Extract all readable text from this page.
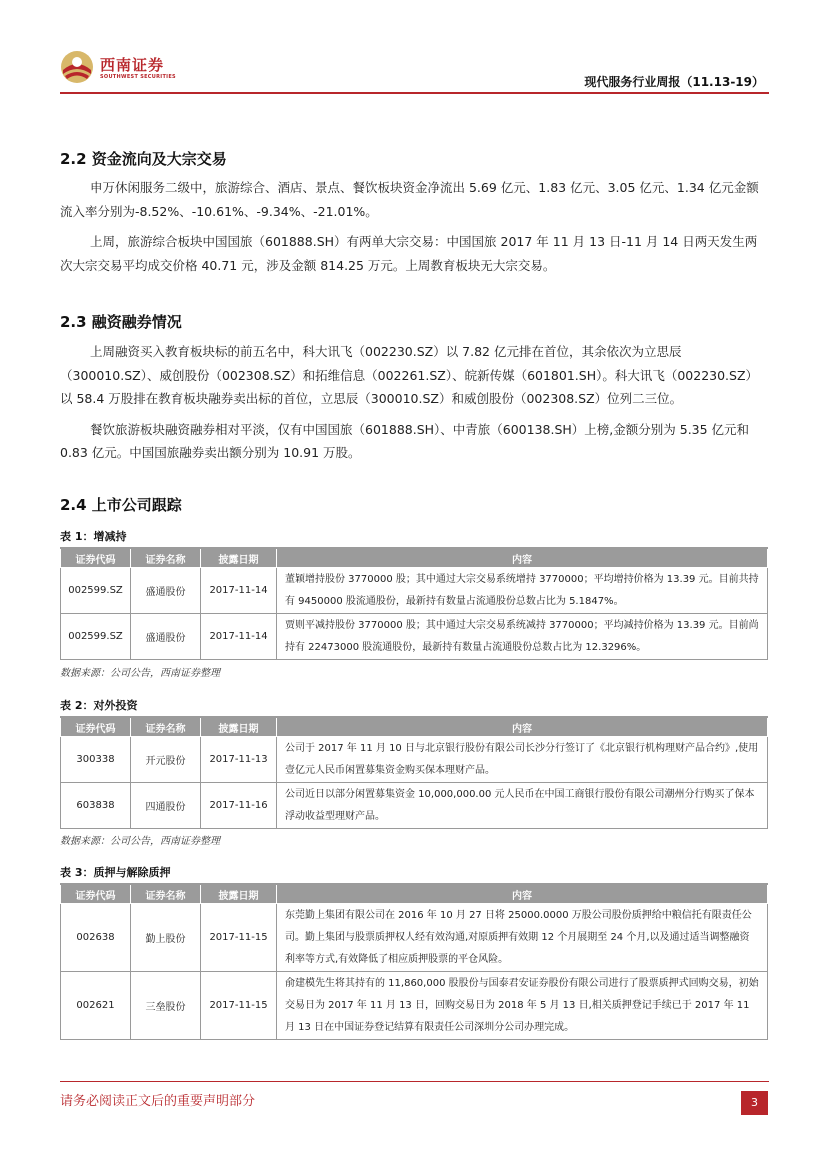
西南证券
SOUTHWEST SECURITIES	现代服务行业周报（11.13-19）
2.2 资金流向及大宗交易

申万休闲服务二级中，旅游综合、酒店、景点、餐饮板块资金净流出 5.69 亿元、1.83 亿元、3.05 亿元、1.34 亿元金额流入率分别为-8.52%、-10.61%、-9.34%、-21.01%。

上周，旅游综合板块中国国旅（601888.SH）有两单大宗交易：中国国旅 2017 年 11 月 13 日-11 月 14 日两天发生两次大宗交易平均成交价格 40.71 元，涉及金额 814.25 万元。上周教育板块无大宗交易。

2.3 融资融券情况

上周融资买入教育板块标的前五名中，科大讯飞（002230.SZ）以 7.82 亿元排在首位，其余依次为立思辰（300010.SZ）、威创股份（002308.SZ）和拓维信息（002261.SZ）、皖新传媒（601801.SH）。科大讯飞（002230.SZ）以 58.4 万股排在教育板块融券卖出标的首位，立思辰（300010.SZ）和威创股份（002308.SZ）位列二三位。

餐饮旅游板块融资融券相对平淡，仅有中国国旅（601888.SH）、中青旅（600138.SH）上榜,金额分别为 5.35 亿元和 0.83 亿元。中国国旅融券卖出额分别为 10.91 万股。

2.4 上市公司跟踪
表 1：增减持
证券代码	证券名称	披露日期	内容
002599.SZ	盛通股份	2017-11-14	董颖增持股份 3770000 股；其中通过大宗交易系统增持 3770000；平均增持价格为 13.39 元。目前共持有 9450000 股流通股份，最新持有数量占流通股份总数占比为 5.1847%。
002599.SZ	盛通股份	2017-11-14	贾则平减持股份 3770000 股；其中通过大宗交易系统减持 3770000；平均减持价格为 13.39 元。目前尚持有 22473000 股流通股份，最新持有数量占流通股份总数占比为 12.3296%。
数据来源：公司公告，西南证券整理
表 2：对外投资
证券代码	证券名称	披露日期	内容
300338	开元股份	2017-11-13	公司于 2017 年 11 月 10 日与北京银行股份有限公司长沙分行签订了《北京银行机构理财产品合约》,使用壹亿元人民币闲置募集资金购买保本理财产品。
603838	四通股份	2017-11-16	公司近日以部分闲置募集资金 10,000,000.00 元人民币在中国工商银行股份有限公司潮州分行购买了保本浮动收益型理财产品。
数据来源：公司公告，西南证券整理
表 3：质押与解除质押
证券代码	证券名称	披露日期	内容
002638	勤上股份	2017-11-15	东莞勤上集团有限公司在 2016 年 10 月 27 日将 25000.0000 万股公司股份质押给中粮信托有限责任公司。勤上集团与股票质押权人经有效沟通,对原质押有效期 12 个月展期至 24 个月,以及通过适当调整融资利率等方式,有效降低了相应质押股票的平仓风险。
002621	三垒股份	2017-11-15	俞建模先生将其持有的 11,860,000 股股份与国泰君安证券股份有限公司进行了股票质押式回购交易，初始交易日为 2017 年 11 月 13 日，回购交易日为 2018 年 5 月 13 日,相关质押登记手续已于 2017 年 11 月 13 日在中国证券登记结算有限责任公司深圳分公司办理完成。
请务必阅读正文后的重要声明部分	3
